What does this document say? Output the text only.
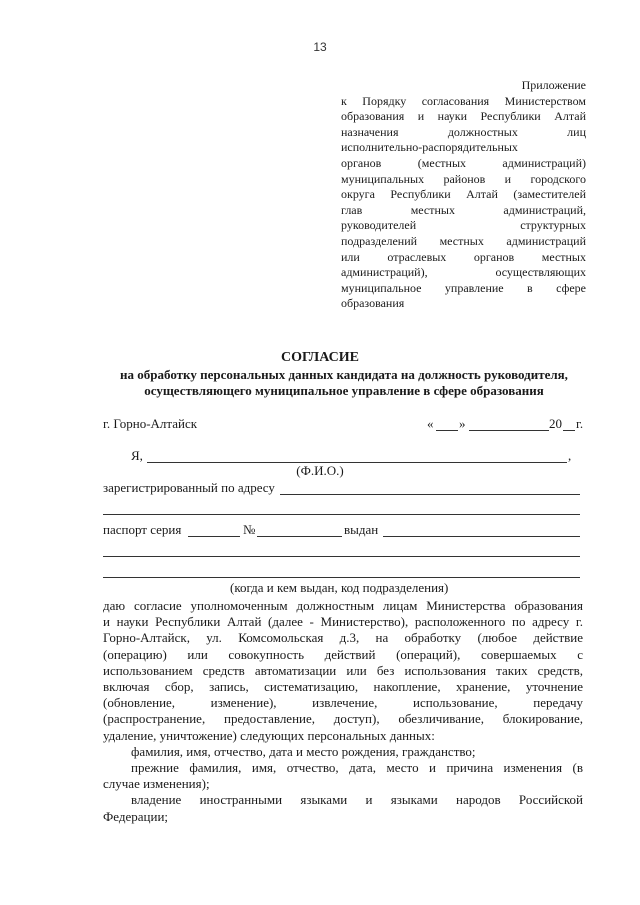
13
Приложение

к Порядку согласования Министерством

образования и науки Республики Алтай

назначения должностных лиц

исполнительно-распорядительных

органов (местных администраций)

муниципальных районов и городского

округа Республики Алтай (заместителей

глав местных администраций,

руководителей структурных

подразделений местных администраций

или отраслевых органов местных

администраций), осуществляющих

муниципальное управление в сфере

образования

СОГЛАСИЕ
на обработку персональных данных кандидата на должность руководителя, осуществляющего муниципальное управление в сфере образования
г. Горно-Алтайск	« »	20 г.
Я,	,
(Ф.И.О.)
зарегистрированный по адресу
паспорт серия	№	выдан
(когда и кем выдан, код подразделения)

даю согласие уполномоченным должностным лицам Министерства образования

и науки Республики Алтай (далее - Министерство), расположенного по адресу г.

Горно-Алтайск, ул. Комсомольская д.3, на обработку (любое действие

(операцию) или совокупность действий (операций), совершаемых с

использованием средств автоматизации или без использования таких средств,

включая сбор, запись, систематизацию, накопление, хранение, уточнение

(обновление, изменение), извлечение, использование, передачу

(распространение, предоставление, доступ), обезличивание, блокирование,

удаление, уничтожение) следующих персональных данных:

фамилия, имя, отчество, дата и место рождения, гражданство;

прежние фамилия, имя, отчество, дата, место и причина изменения (в

случае изменения);

владение иностранными языками и языками народов Российской

Федерации;
